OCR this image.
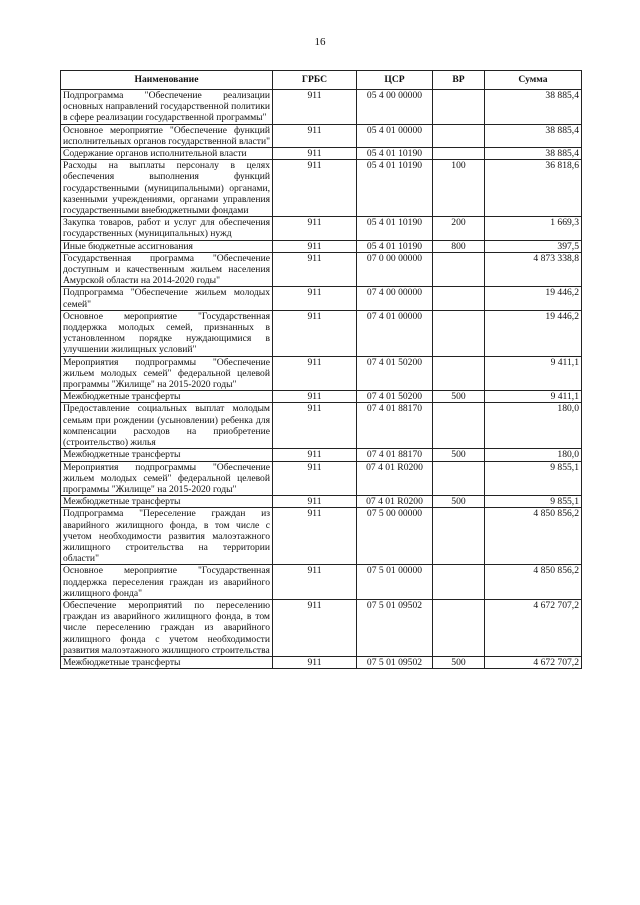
16
Наименование	ГРБС	ЦСР	ВР	Сумма
Подпрограмма "Обеспечение реализации основных направлений государственной политики в сфере реализации государственной программы"	911	05 4 00 00000		38 885,4
Основное мероприятие "Обеспечение функций исполнительных органов государственной власти"	911	05 4 01 00000		38 885,4
Содержание органов исполнительной власти	911	05 4 01 10190		38 885,4
Расходы на выплаты персоналу в целях обеспечения выполнения функций государственными (муниципальными) органами, казенными учреждениями, органами управления государственными внебюджетными фондами	911	05 4 01 10190	100	36 818,6
Закупка товаров, работ и услуг для обеспечения государственных (муниципальных) нужд	911	05 4 01 10190	200	1 669,3
Иные бюджетные ассигнования	911	05 4 01 10190	800	397,5
Государственная программа "Обеспечение доступным и качественным жильем населения Амурской области на 2014-2020 годы"	911	07 0 00 00000		4 873 338,8
Подпрограмма "Обеспечение жильем молодых семей"	911	07 4 00 00000		19 446,2
Основное мероприятие "Государственная поддержка молодых семей, признанных в установленном порядке нуждающимися в улучшении жилищных условий"	911	07 4 01 00000		19 446,2
Мероприятия подпрограммы "Обеспечение жильем молодых семей" федеральной целевой программы "Жилище" на 2015-2020 годы"	911	07 4 01 50200		9 411,1
Межбюджетные трансферты	911	07 4 01 50200	500	9 411,1
Предоставление социальных выплат молодым семьям при рождении (усыновлении) ребенка для компенсации расходов на приобретение (строительство) жилья	911	07 4 01 88170		180,0
Межбюджетные трансферты	911	07 4 01 88170	500	180,0
Мероприятия подпрограммы "Обеспечение жильем молодых семей" федеральной целевой программы "Жилище" на 2015-2020 годы"	911	07 4 01 R0200		9 855,1
Межбюджетные трансферты	911	07 4 01 R0200	500	9 855,1
Подпрограмма "Переселение граждан из аварийного жилищного фонда, в том числе с учетом необходимости развития малоэтажного жилищного строительства на территории области"	911	07 5 00 00000		4 850 856,2
Основное мероприятие "Государственная поддержка переселения граждан из аварийного жилищного фонда"	911	07 5 01 00000		4 850 856,2
Обеспечение мероприятий по переселению граждан из аварийного жилищного фонда, в том числе переселению граждан из аварийного жилищного фонда с учетом необходимости развития малоэтажного жилищного строительства	911	07 5 01 09502		4 672 707,2
Межбюджетные трансферты	911	07 5 01 09502	500	4 672 707,2
